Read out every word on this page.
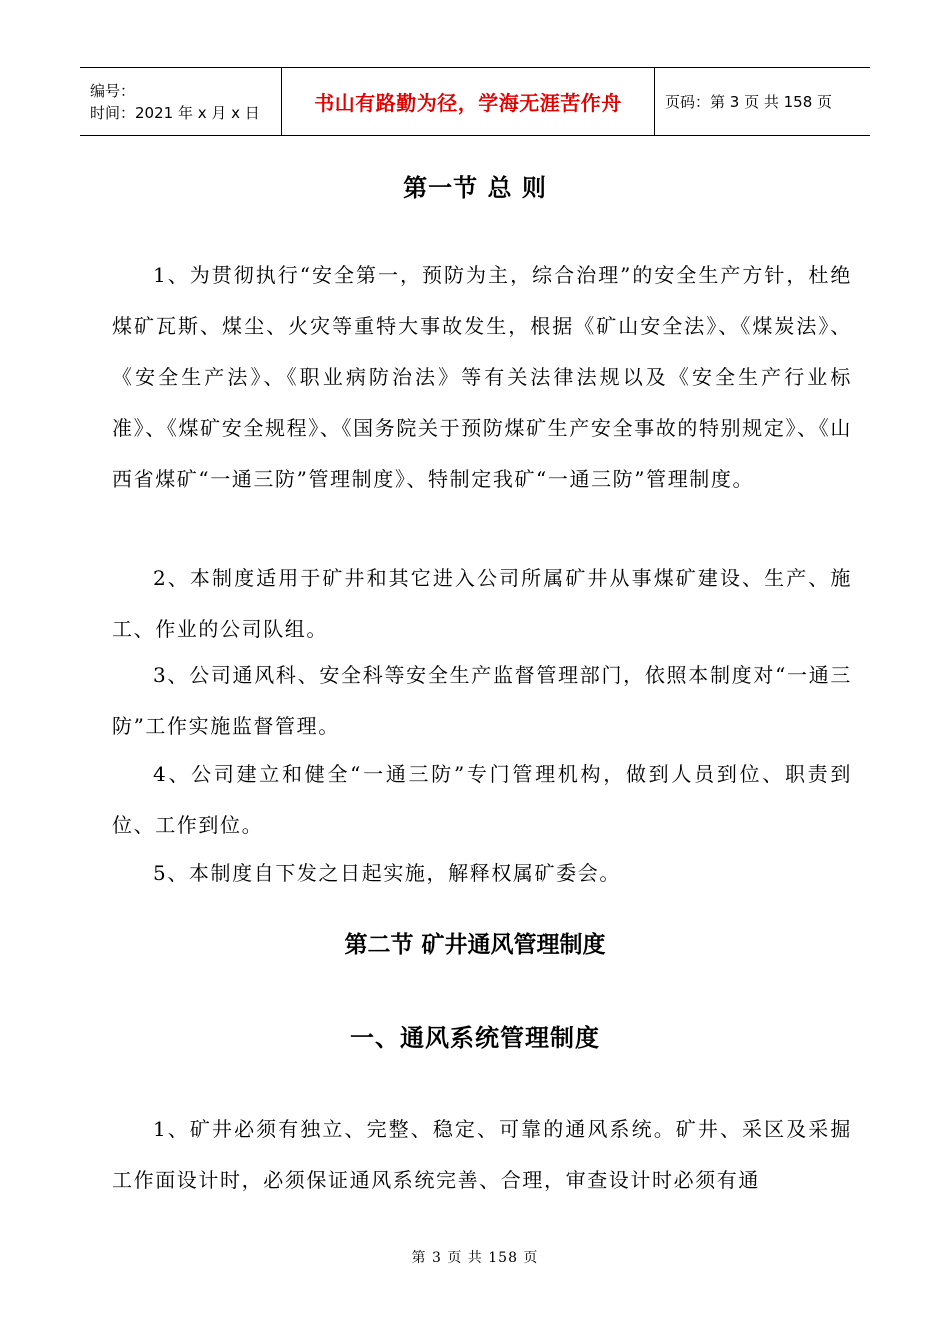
编号：
时间：2021 年 x 月 x 日	书山有路勤为径，学海无涯苦作舟	页码：第 3 页 共 158 页
第一节 总 则

1、为贯彻执行“安全第一，预防为主，综合治理”的安全生产方针，杜绝煤矿瓦斯、煤尘、火灾等重特大事故发生，根据《矿山安全法》、《煤炭法》、《安全生产法》、《职业病防治法》等有关法律法规以及《安全生产行业标准》、《煤矿安全规程》、《国务院关于预防煤矿生产安全事故的特别规定》、《山西省煤矿“一通三防”管理制度》、特制定我矿“一通三防”管理制度。

2、本制度适用于矿井和其它进入公司所属矿井从事煤矿建设、生产、施工、作业的公司队组。

3、公司通风科、安全科等安全生产监督管理部门，依照本制度对“一通三防”工作实施监督管理。

4、公司建立和健全“一通三防”专门管理机构，做到人员到位、职责到位、工作到位。

5、本制度自下发之日起实施，解释权属矿委会。

第二节 矿井通风管理制度
一、通风系统管理制度

1、矿井必须有独立、完整、稳定、可靠的通风系统。矿井、采区及采掘工作面设计时，必须保证通风系统完善、合理，审查设计时必须有通

第 3 页 共 158 页
